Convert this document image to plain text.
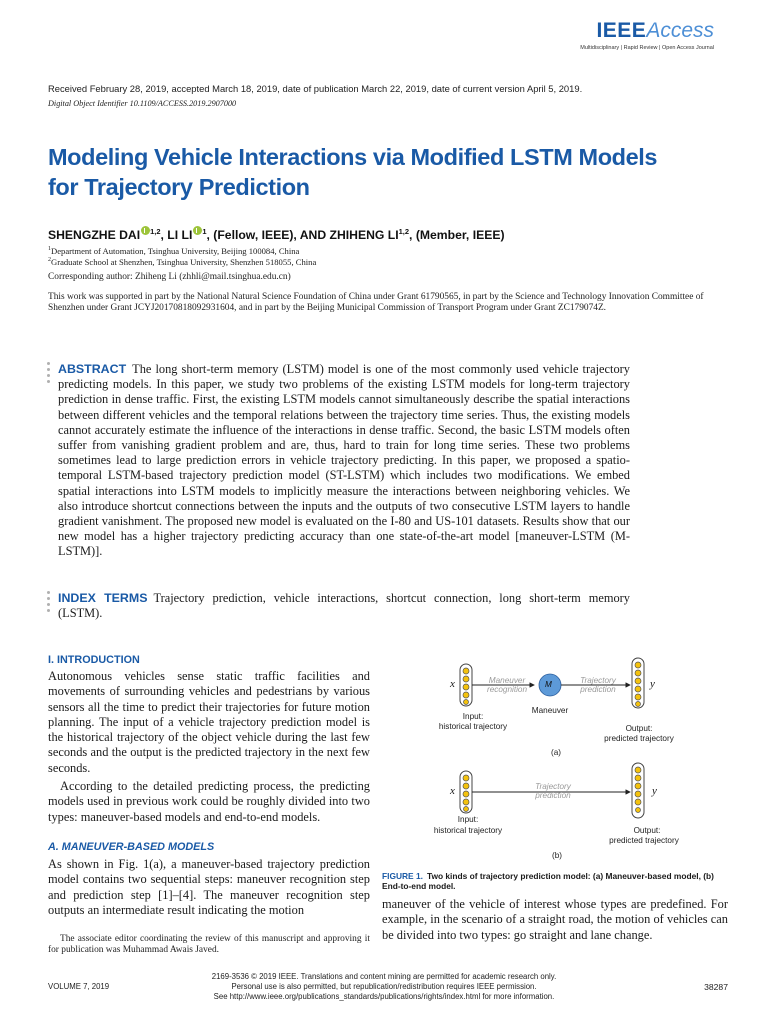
IEEEAccess
Multidisciplinary | Rapid Review | Open Access Journal
Received February 28, 2019, accepted March 18, 2019, date of publication March 22, 2019, date of current version April 5, 2019.
Digital Object Identifier 10.1109/ACCESS.2019.2907000
Modeling Vehicle Interactions via Modified LSTM Models for Trajectory Prediction
SHENGZHE DAI $^{1,2}$, LI LI $^1$, (Fellow, IEEE), AND ZHIHENG LI$^{1,2}$, (Member, IEEE)
$^1$Department of Automation, Tsinghua University, Beijing 100084, China
$^2$Graduate School at Shenzhen, Tsinghua University, Shenzhen 518055, China
Corresponding author: Zhiheng Li (zhhli@mail.tsinghua.edu.cn)
This work was supported in part by the National Natural Science Foundation of China under Grant 61790565, in part by the Science and Technology Innovation Committee of Shenzhen under Grant JCYJ20170818092931604, and in part by the Beijing Municipal Commission of Transport Program under Grant ZC179074Z.
ABSTRACT The long short-term memory (LSTM) model is one of the most commonly used vehicle trajectory predicting models. In this paper, we study two problems of the existing LSTM models for long-term trajectory prediction in dense traffic. First, the existing LSTM models cannot simultaneously describe the spatial interactions between different vehicles and the temporal relations between the trajectory time series. Thus, the existing models cannot accurately estimate the influence of the interactions in dense traffic. Second, the basic LSTM models often suffer from vanishing gradient problem and are, thus, hard to train for long time series. These two problems sometimes lead to large prediction errors in vehicle trajectory predicting. In this paper, we proposed a spatio-temporal LSTM-based trajectory prediction model (ST-LSTM) which includes two modifications. We embed spatial interactions into LSTM models to implicitly measure the interactions between neighboring vehicles. We also introduce shortcut connections between the inputs and the outputs of two consecutive LSTM layers to handle gradient vanishment. The proposed new model is evaluated on the I-80 and US-101 datasets. Results show that our new model has a higher trajectory predicting accuracy than one state-of-the-art model [maneuver-LSTM (M-LSTM)].
INDEX TERMS Trajectory prediction, vehicle interactions, shortcut connection, long short-term memory (LSTM).
I. INTRODUCTION
Autonomous vehicles sense static traffic facilities and movements of surrounding vehicles and pedestrians by various sensors all the time to predict their trajectories for future motion planning. The input of a vehicle trajectory prediction model is the historical trajectory of the object vehicle during the last few seconds and the output is the predicted trajectory in the next few seconds.
According to the detailed predicting process, the predicting models used in previous work could be roughly divided into two types: maneuver-based models and end-to-end models.
A. MANEUVER-BASED MODELS
As shown in Fig. 1(a), a maneuver-based trajectory prediction model contains two sequential steps: maneuver recognition step and prediction step [1]–[4]. The maneuver recognition step outputs an intermediate result indicating the motion
The associate editor coordinating the review of this manuscript and approving it for publication was Muhammad Awais Javed.
x	y
M
Maneuver recognition
Trajectory prediction
Maneuver
Input:
historical trajectory	Output:
predicted trajectory
(a)
x	y
Trajectory prediction
Input:
historical trajectory	Output:
predicted trajectory
(b)
FIGURE 1. Two kinds of trajectory prediction model: (a) Maneuver-based model, (b) End-to-end model.
maneuver of the vehicle of interest whose types are predefined. For example, in the scenario of a straight road, the motion of vehicles can be divided into two types: go straight and lane change.
VOLUME 7, 2019
2169-3536 © 2019 IEEE. Translations and content mining are permitted for academic research only.
Personal use is also permitted, but republication/redistribution requires IEEE permission.
See http://www.ieee.org/publications_standards/publications/rights/index.html for more information.
38287
